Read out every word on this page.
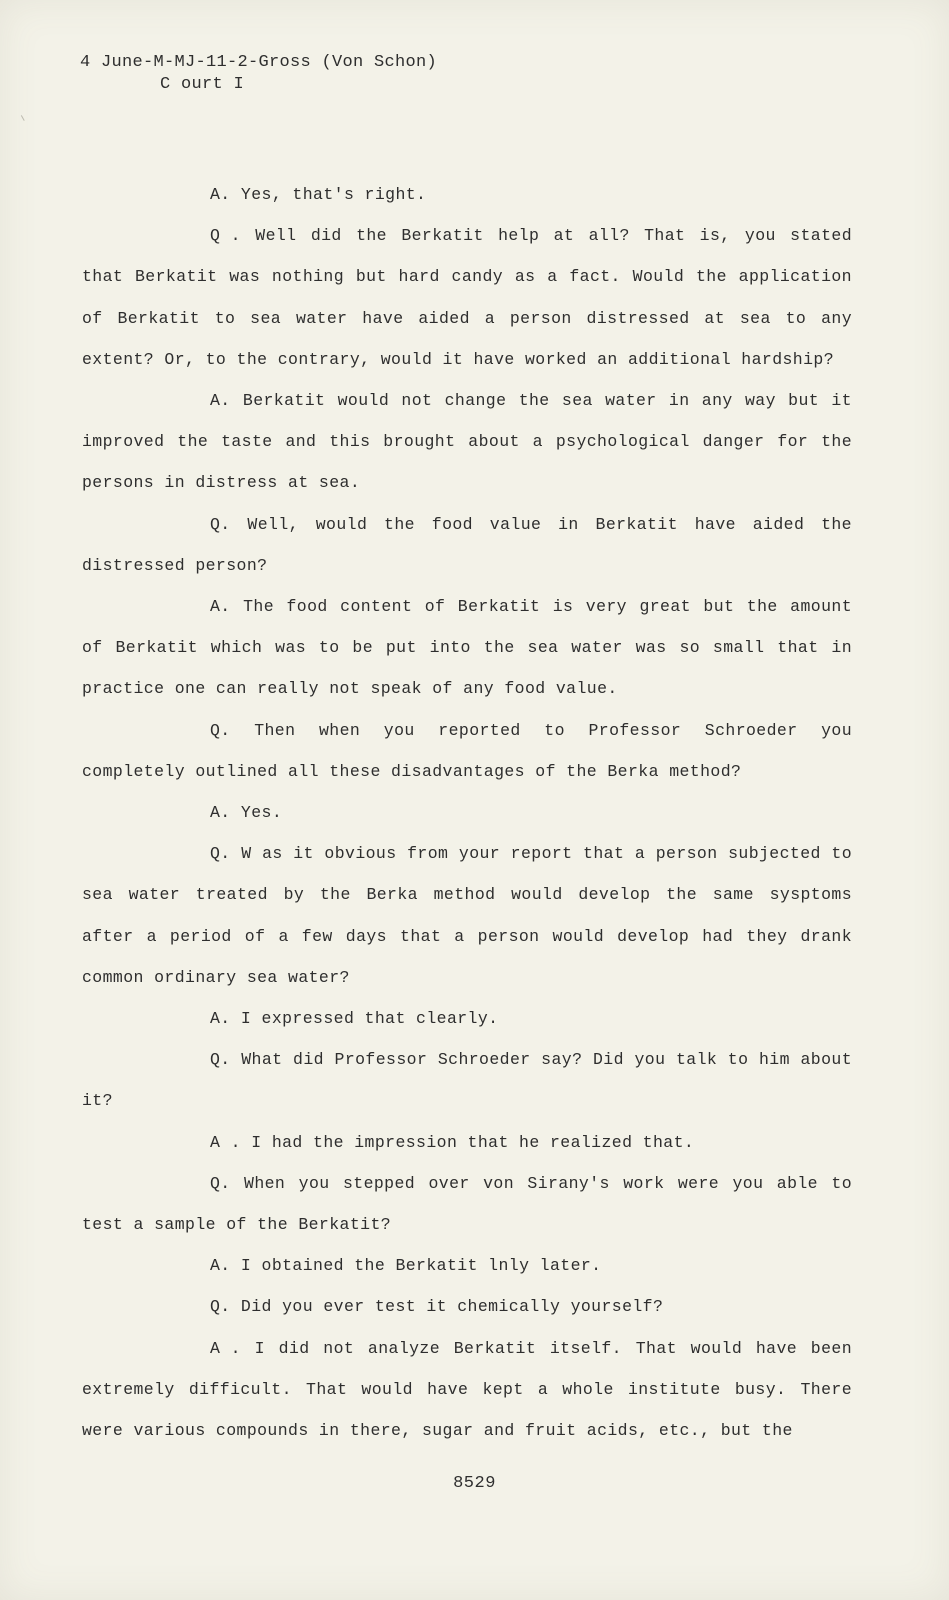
4 June-M-MJ-11-2-Gross (Von Schon)
C ourt I

A. Yes, that's right.

Q . Well did the Berkatit help at all? That is, you stated that Berkatit was nothing but hard candy as a fact. Would the application of Berkatit to sea water have aided a person distressed at sea to any extent? Or, to the contrary, would it have worked an additional hardship?

A. Berkatit would not change the sea water in any way but it improved the taste and this brought about a psychological danger for the persons in distress at sea.

Q. Well, would the food value in Berkatit have aided the distressed person?

A. The food content of Berkatit is very great but the amount of Berkatit which was to be put into the sea water was so small that in practice one can really not speak of any food value.

Q. Then when you reported to Professor Schroeder you completely outlined all these disadvantages of the Berka method?

A. Yes.

Q. W as it obvious from your report that a person subjected to sea water treated by the Berka method would develop the same sysptoms after a period of a few days that a person would develop had they drank common ordinary sea water?

A. I expressed that clearly.

Q. What did Professor Schroeder say? Did you talk to him about it?

A . I had the impression that he realized that.

Q. When you stepped over von Sirany's work were you able to test a sample of the Berkatit?

A. I obtained the Berkatit lnly later.

Q. Did you ever test it chemically yourself?

A . I did not analyze Berkatit itself. That would have been extremely difficult. That would have kept a whole institute busy. There were various compounds in there, sugar and fruit acids, etc., but the

8529
